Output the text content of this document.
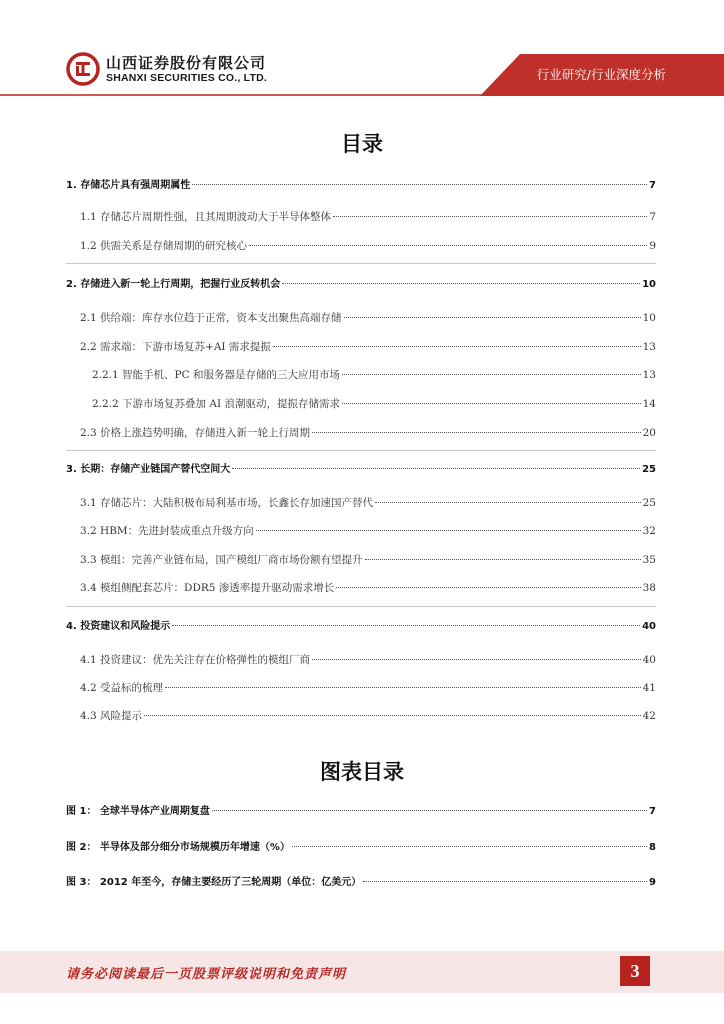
山西证券股份有限公司
SHANXI SECURITIES CO., LTD.	行业研究/行业深度分析
目录
1. 存储芯片具有强周期属性	7
1.1 存储芯片周期性强，且其周期波动大于半导体整体	7
1.2 供需关系是存储周期的研究核心	9
2. 存储进入新一轮上行周期，把握行业反转机会	10
2.1 供给端：库存水位趋于正常，资本支出聚焦高端存储	10
2.2 需求端：下游市场复苏+AI 需求提振	13
2.2.1 智能手机、PC 和服务器是存储的三大应用市场	13
2.2.2 下游市场复苏叠加 AI 浪潮驱动，提振存储需求	14
2.3 价格上涨趋势明确，存储进入新一轮上行周期	20
3. 长期：存储产业链国产替代空间大	25
3.1 存储芯片：大陆积极布局利基市场，长鑫长存加速国产替代	25
3.2 HBM：先进封装成重点升级方向	32
3.3 模组：完善产业链布局，国产模组厂商市场份额有望提升	35
3.4 模组侧配套芯片：DDR5 渗透率提升驱动需求增长	38
4. 投资建议和风险提示	40
4.1 投资建议：优先关注存在价格弹性的模组厂商	40
4.2 受益标的梳理	41
4.3 风险提示	42
图表目录
图 1： 全球半导体产业周期复盘	7
图 2： 半导体及部分细分市场规模历年增速（%）	8
图 3： 2012 年至今，存储主要经历了三轮周期（单位：亿美元）	9
请务必阅读最后一页股票评级说明和免责声明	3
